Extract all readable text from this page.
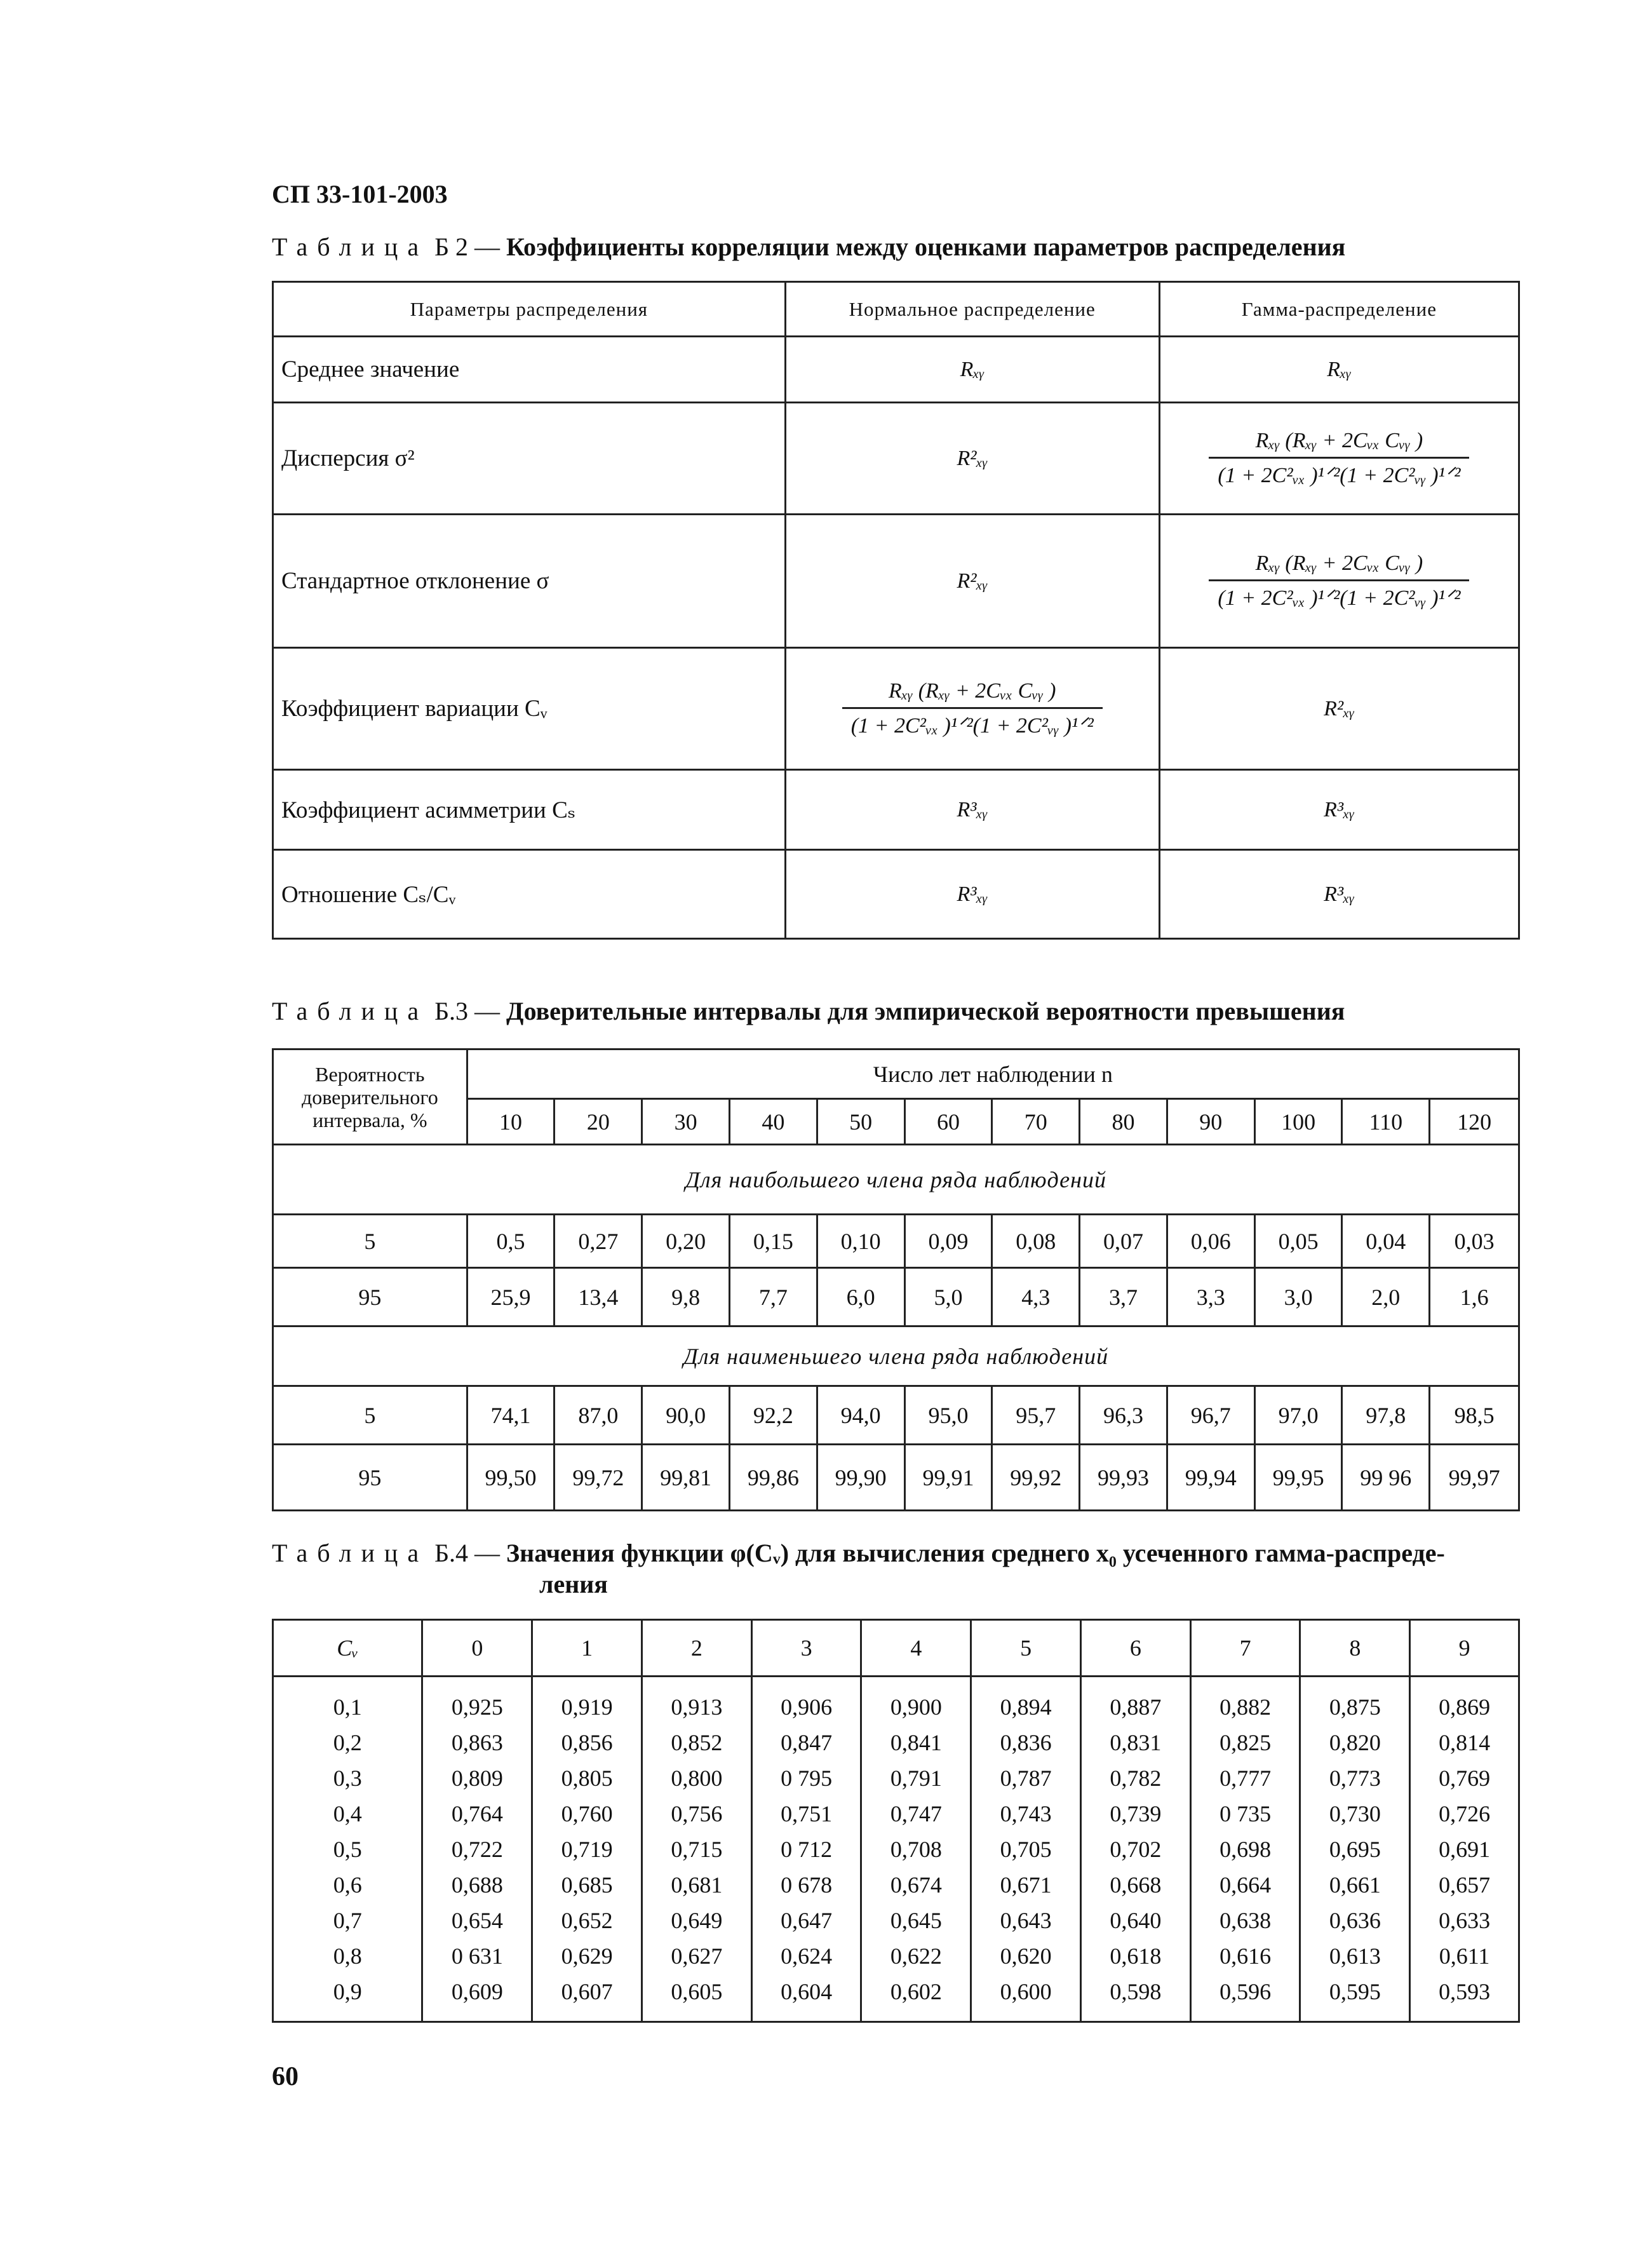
СП 33-101-2003
Таблица Б 2 — Коэффициенты корреляции между оценками параметров распределения
Параметры распределения	Нормальное распределение	Гамма-распределение
Среднее значение	Rₓᵧ	Rₓᵧ
Дисперсия σ²	R²ₓᵧ	$\frac{\text{Rₓᵧ (Rₓᵧ + 2Cᵥₓ Cᵥᵧ )}}{\text{(1 + 2C²ᵥₓ )¹ᐟ²(1 + 2C²ᵥᵧ )¹ᐟ²}}$

Стандартное отклонение σ	R²ₓᵧ	$\frac{\text{Rₓᵧ (Rₓᵧ + 2Cᵥₓ Cᵥᵧ )}}{\text{(1 + 2C²ᵥₓ )¹ᐟ²(1 + 2C²ᵥᵧ )¹ᐟ²}}$

Коэффициент вариации Cᵥ	$\frac{\text{Rₓᵧ (Rₓᵧ + 2Cᵥₓ Cᵥᵧ )}}{\text{(1 + 2C²ᵥₓ )¹ᐟ²(1 + 2C²ᵥᵧ )¹ᐟ²}}$	R²ₓᵧ
Коэффициент асимметрии Cₛ	R³ₓᵧ	R³ₓᵧ
Отношение Cₛ/Cᵥ	R³ₓᵧ	R³ₓᵧ
Таблица Б.3 — Доверительные интервалы для эмпирической вероятности превышения
Вероятность доверительного интервала, %	Число лет наблюдении n											
	10	20	30	40	50	60	70	80	90	100	110	120
Для наибольшего члена ряда наблюдений												
5	0,5	0,27	0,20	0,15	0,10	0,09	0,08	0,07	0,06	0,05	0,04	0,03
95	25,9	13,4	9,8	7,7	6,0	5,0	4,3	3,7	3,3	3,0	2,0	1,6
Для наименьшего члена ряда наблюдений												
5	74,1	87,0	90,0	92,2	94,0	95,0	95,7	96,3	96,7	97,0	97,8	98,5
95	99,50	99,72	99,81	99,86	99,90	99,91	99,92	99,93	99,94	99,95	99 96	99,97
Таблица Б.4 — Значения функции φ(Cᵥ) для вычисления среднего x₀ усеченного гамма-распреде-
ления
Cᵥ	0	1	2	3	4	5	6	7	8	9

0,1	0,925	0,919	0,913	0,906	0,900	0,894	0,887	0,882	0,875	0,869
0,2	0,863	0,856	0,852	0,847	0,841	0,836	0,831	0,825	0,820	0,814
0,3	0,809	0,805	0,800	0 795	0,791	0,787	0,782	0,777	0,773	0,769
0,4	0,764	0,760	0,756	0,751	0,747	0,743	0,739	0 735	0,730	0,726
0,5	0,722	0,719	0,715	0 712	0,708	0,705	0,702	0,698	0,695	0,691
0,6	0,688	0,685	0,681	0 678	0,674	0,671	0,668	0,664	0,661	0,657
0,7	0,654	0,652	0,649	0,647	0,645	0,643	0,640	0,638	0,636	0,633
0,8	0 631	0,629	0,627	0,624	0,622	0,620	0,618	0,616	0,613	0,611
0,9	0,609	0,607	0,605	0,604	0,602	0,600	0,598	0,596	0,595	0,593

60
